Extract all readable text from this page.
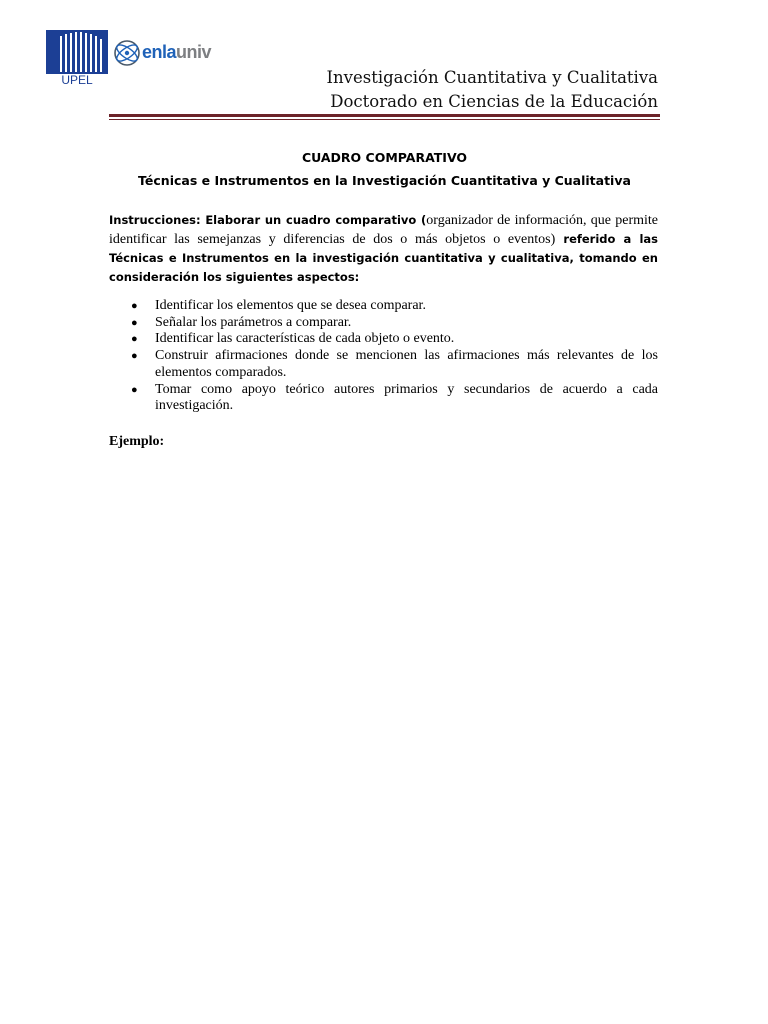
UPEL
enlauniv
Investigación Cuantitativa y Cualitativa
Doctorado en Ciencias de la Educación
CUADRO COMPARATIVO
Técnicas e Instrumentos en la Investigación Cuantitativa y Cualitativa
Instrucciones: Elaborar un cuadro comparativo (organizador de información, que permite identificar las semejanzas y diferencias de dos o más objetos o eventos) referido a las Técnicas e Instrumentos en la investigación cuantitativa y cualitativa, tomando en consideración los siguientes aspectos:
● Identificar los elementos que se desea comparar.
● Señalar los parámetros a comparar.
● Identificar las características de cada objeto o evento.
● Construir afirmaciones donde se mencionen las afirmaciones más relevantes de los elementos comparados.
● Tomar como apoyo teórico autores primarios y secundarios de acuerdo a cada investigación.
Ejemplo:
